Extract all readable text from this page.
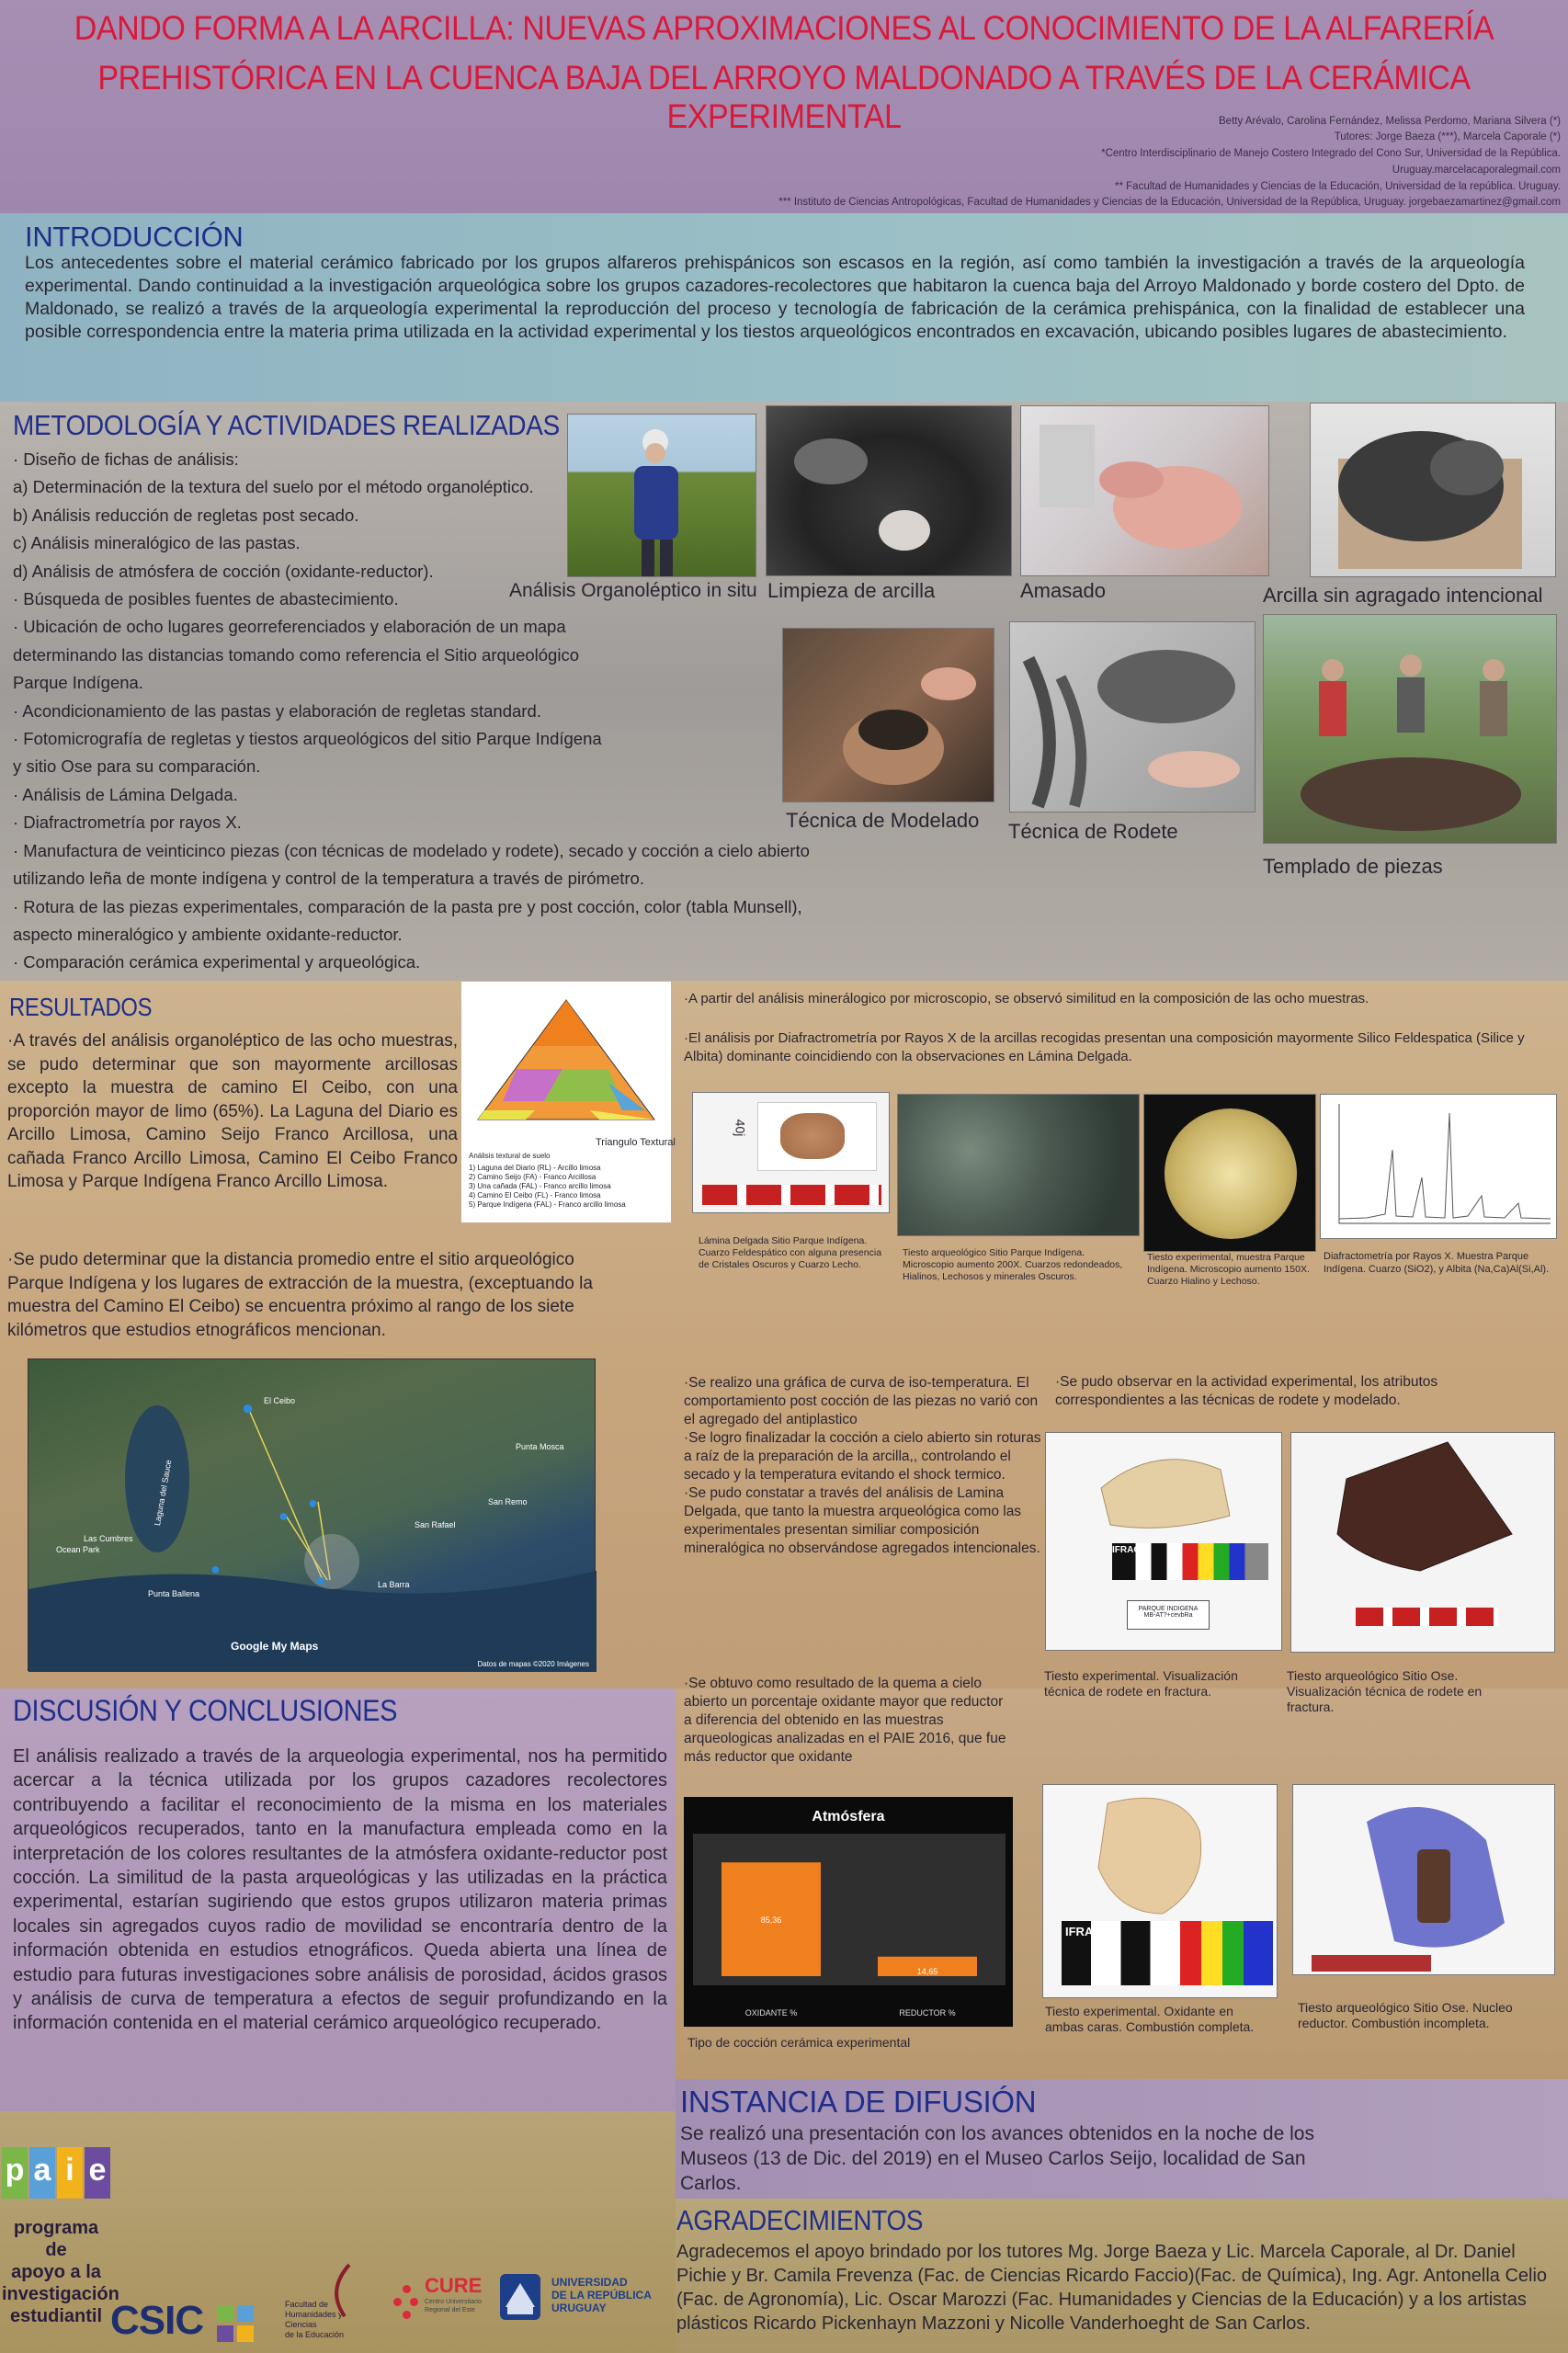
DANDO FORMA A LA ARCILLA: NUEVAS APROXIMACIONES AL CONOCIMIENTO DE LA ALFARERÍA
PREHISTÓRICA EN LA CUENCA BAJA DEL ARROYO MALDONADO A TRAVÉS DE LA CERÁMICA EXPERIMENTAL	Betty Arévalo, Carolina Fernández, Melissa Perdomo, Mariana Silvera (*)
Tutores: Jorge Baeza (***), Marcela Caporale (*)
*Centro Interdisciplinario de Manejo Costero Integrado del Cono Sur, Universidad de la República.
Uruguay.marcelacaporalegmail.com
** Facultad de Humanidades y Ciencias de la Educación, Universidad de la república. Uruguay.
*** Instituto de Ciencias Antropológicas, Facultad de Humanidades y Ciencias de la Educación, Universidad de la República, Uruguay. jorgebaezamartinez@gmail.com
INTRODUCCIÓN
Los antecedentes sobre el material cerámico fabricado por los grupos alfareros prehispánicos son escasos en la región, así como también la investigación a través de la arqueología experimental. Dando continuidad a la investigación arqueológica sobre los grupos cazadores-recolectores que habitaron la cuenca baja del Arroyo Maldonado y borde costero del Dpto. de Maldonado, se realizó a través de la arqueología experimental la reproducción del proceso y tecnología de fabricación de la cerámica prehispánica, con la finalidad de establecer una posible correspondencia entre la materia prima utilizada en la actividad experimental y los tiestos arqueológicos encontrados en excavación, ubicando posibles lugares de abastecimiento.
METODOLOGÍA Y ACTIVIDADES REALIZADAS
· Diseño de fichas de análisis:
a) Determinación de la textura del suelo por el método organoléptico.
b) Análisis reducción de regletas post secado.
c) Análisis mineralógico de las pastas.
d) Análisis de atmósfera de cocción (oxidante-reductor).
· Búsqueda de posibles fuentes de abastecimiento.
· Ubicación de ocho lugares georreferenciados y elaboración de un mapa
determinando las distancias tomando como referencia el Sitio arqueológico
Parque Indígena.
· Acondicionamiento de las pastas y elaboración de regletas standard.
· Fotomicrografía de regletas y tiestos arqueológicos del sitio Parque Indígena
y sitio Ose para su comparación.
· Análisis de Lámina Delgada.
· Diafractrometría por rayos X.
· Manufactura de veinticinco piezas (con técnicas de modelado y rodete), secado y cocción a cielo abierto
utilizando leña de monte indígena y control de la temperatura a través de pirómetro.
· Rotura de las piezas experimentales, comparación de la pasta pre y post cocción, color (tabla Munsell),
aspecto mineralógico y ambiente oxidante-reductor.
· Comparación cerámica experimental y arqueológica.
Análisis Organoléptico in situ Limpieza de arcilla	Amasado	Arcilla sin agragado intencional
Técnica de Modelado Técnica de Rodete
Templado de piezas
RESULTADOS
·A través del análisis organoléptico de las ocho muestras, se pudo determinar que son mayormente arcillosas excepto la muestra de camino El Ceibo, con una proporción mayor de limo (65%). La Laguna del Diario es Arcillo Limosa, Camino Seijo Franco Arcillosa, una cañada Franco Arcillo Limosa, Camino El Ceibo Franco Limosa y Parque Indígena Franco Arcillo Limosa.
Análisis textural de suelo
1) Laguna del Diario (RL) - Arcillo limosa
2) Camino Seijo (FA) - Franco Arcillosa
3) Una cañada (FAL) - Franco arcillo limosa
4) Camino El Ceibo (FL) - Franco limosa
5) Parque Indígena (FAL) - Franco arcillo limosa
Triangulo Textural
·Se pudo determinar que la distancia promedio entre el sitio arqueológico Parque Indígena y los lugares de extracción de la muestra, (exceptuando la muestra del Camino El Ceibo) se encuentra próximo al rango de los siete kilómetros que estudios etnográficos mencionan.
●
●
●
●
●
El Ceibo
Laguna del Sauce
Las Cumbres
Ocean Park
Punta Ballena
San Rafael
San Remo
Punta Mosca
La Barra
Google My Maps
Datos de mapas ©2020 Imágenes
·A partir del análisis minerálogico por microscopio, se observó similitud en la composición de las ocho muestras.
·El análisis por Diafractrometría por Rayos X de la arcillas recogidas presentan una composición mayormente Silico Feldespatica (Silice y Albita) dominante coincidiendo con la observaciones en Lámina Delgada.
40j
Lámina Delgada Sitio Parque Indígena. Cuarzo Feldespático con alguna presencia de Cristales Oscuros y Cuarzo Lecho.
Tiesto arqueológico Sitio Parque Indígena. Microscopio aumento 200X. Cuarzos redondeados, Hialinos, Lechosos y minerales Oscuros.
Tiesto experimental, muestra Parque Indígena. Microscopio aumento 150X. Cuarzo Hialino y Lechoso.
Diafractometría por Rayos X. Muestra Parque Indígena. Cuarzo (SiO2), y Albita (Na,Ca)Al(Si,Al).
·Se realizo una gráfica de curva de iso-temperatura. El comportamiento post cocción de las piezas no varió con el agregado del antiplastico
·Se logro finalizadar la cocción a cielo abierto sin roturas a raíz de la preparación de la arcilla,, controlando el secado y la temperatura evitando el shock termico.
·Se pudo constatar a través del análisis de Lamina Delgada, que tanto la muestra arqueológica como las experimentales presentan similiar composición mineralógica no observándose agregados intencionales.
·Se pudo observar en la actividad experimental, los atributos correspondientes a las técnicas de rodete y modelado.
IFRAO
PARQUE INDIGENA
MB-AT?+cevbRa
Tiesto experimental. Visualización técnica de rodete en fractura.
Tiesto arqueológico Sitio Ose. Visualización técnica de rodete en fractura.
·Se obtuvo como resultado de la quema a cielo abierto un porcentaje oxidante mayor que reductor a diferencia del obtenido en las muestras arqueologicas analizadas en el PAIE 2016, que fue más reductor que oxidante
Atmósfera
85,36
OXIDANTE %
14,65
REDUCTOR %
Tipo de cocción cerámica experimental
IFRAO
Tiesto experimental. Oxidante en ambas caras. Combustión completa.
Tiesto arqueológico Sitio Ose. Nucleo reductor. Combustión incompleta.
DISCUSIÓN Y CONCLUSIONES
El análisis realizado a través de la arqueologia experimental, nos ha permitido acercar a la técnica utilizada por los grupos cazadores recolectores contribuyendo a facilitar el reconocimiento de la misma en los materiales arqueológicos recuperados, tanto en la manufactura empleada como en la interpretación de los colores resultantes de la atmósfera oxidante-reductor post cocción. La similitud de la pasta arqueológicas y las utilizadas en la práctica experimental, estarían sugiriendo que estos grupos utilizaron materia primas locales sin agregados cuyos radio de movilidad se encontraría dentro de la información obtenida en estudios etnográficos. Queda abierta una línea de estudio para futuras investigaciones sobre análisis de porosidad, ácidos grasos y análisis de curva de temperatura a efectos de seguir profundizando en la información contenida en el material cerámico arqueológico recuperado.
INSTANCIA DE DIFUSIÓN
Se realizó una presentación con los avances obtenidos en la noche de los Museos (13 de Dic. del 2019) en el Museo Carlos Seijo, localidad de San Carlos.
AGRADECIMIENTOS
Agradecemos el apoyo brindado por los tutores Mg. Jorge Baeza y Lic. Marcela Caporale, al Dr. Daniel Pichie y Br. Camila Frevenza (Fac. de Ciencias Ricardo Faccio)(Fac. de Química), Ing. Agr. Antonella Celio (Fac. de Agronomía), Lic. Oscar Marozzi (Fac. Humanidades y Ciencias de la Educación) y a los artistas plásticos Ricardo Pickenhayn Mazzoni y Nicolle Vanderhoeght de San Carlos.
p a i e
programa de
apoyo a la
investigación
estudiantil CSIC	Facultad de
Humanidades y
Ciencias
de la Educación
CURE
Centro Universitario
Regional del Este
UNIVERSIDAD
DE LA REPÚBLICA
URUGUAY
